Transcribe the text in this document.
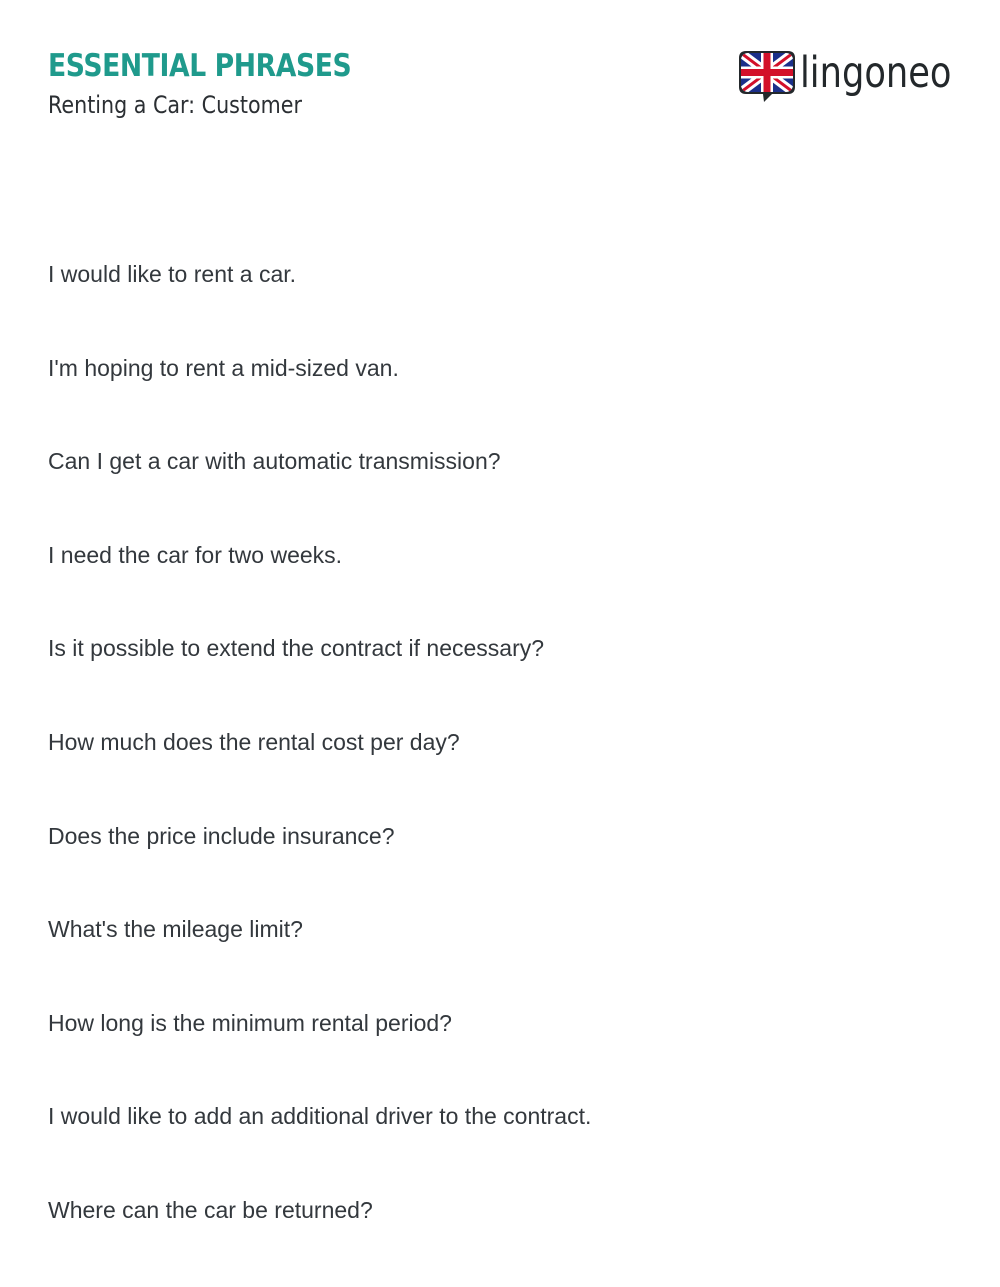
ESSENTIAL PHRASES
Renting a Car: Customer
lingoneo
I would like to rent a car.
I'm hoping to rent a mid-sized van.
Can I get a car with automatic transmission?
I need the car for two weeks.
Is it possible to extend the contract if necessary?
How much does the rental cost per day?
Does the price include insurance?
What's the mileage limit?
How long is the minimum rental period?
I would like to add an additional driver to the contract.
Where can the car be returned?
